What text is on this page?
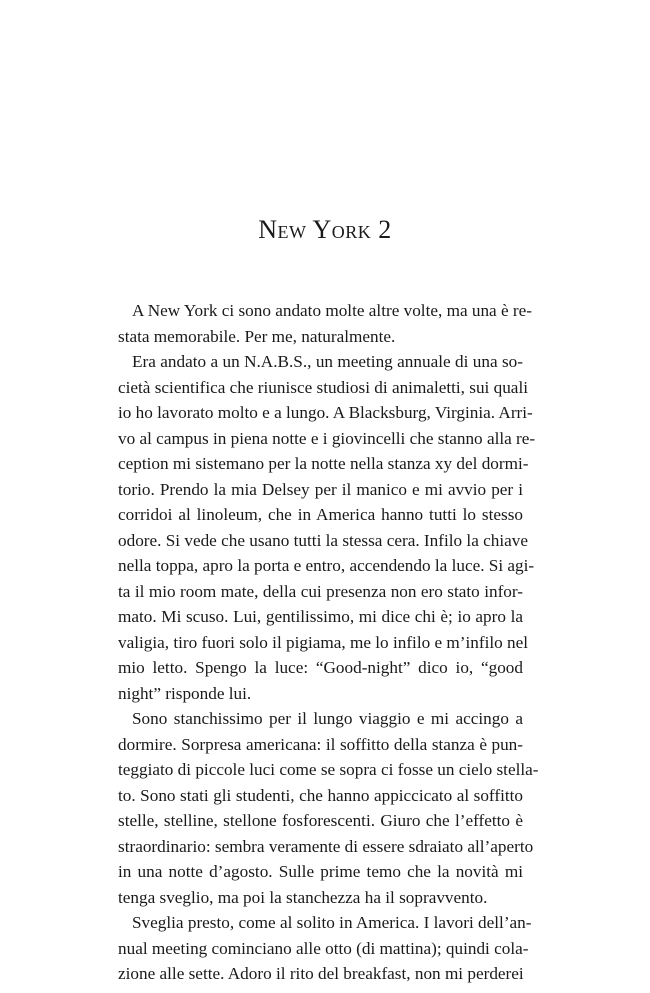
New York 2
A New York ci sono andato molte altre volte, ma una è re-
stata memorabile. Per me, naturalmente.
Era andato a un N.A.B.S., un meeting annuale di una so-
cietà scientifica che riunisce studiosi di animaletti, sui quali
io ho lavorato molto e a lungo. A Blacksburg, Virginia. Arri-
vo al campus in piena notte e i giovincelli che stanno alla re-
ception mi sistemano per la notte nella stanza xy del dormi-
torio. Prendo la mia Delsey per il manico e mi avvio per i
corridoi al linoleum, che in America hanno tutti lo stesso
odore. Si vede che usano tutti la stessa cera. Infilo la chiave
nella toppa, apro la porta e entro, accendendo la luce. Si agi-
ta il mio room mate, della cui presenza non ero stato infor-
mato. Mi scuso. Lui, gentilissimo, mi dice chi è; io apro la
valigia, tiro fuori solo il pigiama, me lo infilo e m’infilo nel
mio letto. Spengo la luce: “Good-night” dico io, “good
night” risponde lui.
Sono stanchissimo per il lungo viaggio e mi accingo a
dormire. Sorpresa americana: il soffitto della stanza è pun-
teggiato di piccole luci come se sopra ci fosse un cielo stella-
to. Sono stati gli studenti, che hanno appiccicato al soffitto
stelle, stelline, stellone fosforescenti. Giuro che l’effetto è
straordinario: sembra veramente di essere sdraiato all’aperto
in una notte d’agosto. Sulle prime temo che la novità mi
tenga sveglio, ma poi la stanchezza ha il sopravvento.
Sveglia presto, come al solito in America. I lavori dell’an-
nual meeting cominciano alle otto (di mattina); quindi cola-
zione alle sette. Adoro il rito del breakfast, non mi perderei
